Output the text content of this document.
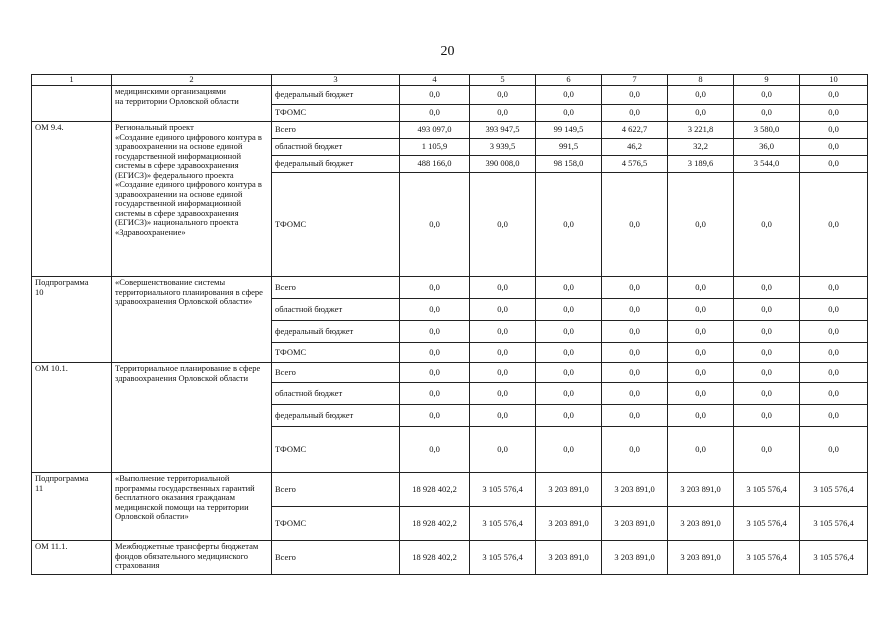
20
1	2	3	4	5	6	7	8	9	10
	медицинскими организациями
на территории Орловской области	федеральный бюджет	0,0	0,0	0,0	0,0	0,0	0,0	0,0
		ТФОМС	0,0	0,0	0,0	0,0	0,0	0,0	0,0
ОМ 9.4.	Региональный проект
«Создание единого цифрового контура в здравоохранении на основе единой государственной информационной системы в сфере здравоохранения (ЕГИСЗ)» федерального проекта
«Создание единого цифрового контура в здравоохранении на основе единой государственной информационной системы в сфере здравоохранения (ЕГИСЗ)» национального проекта
«Здравоохранение»	Всего	493 097,0	393 947,5	99 149,5	4 622,7	3 221,8	3 580,0	0,0
		областной бюджет	1 105,9	3 939,5	991,5	46,2	32,2	36,0	0,0
		федеральный бюджет	488 166,0	390 008,0	98 158,0	4 576,5	3 189,6	3 544,0	0,0
		ТФОМС	0,0	0,0	0,0	0,0	0,0	0,0	0,0
Подпрограмма
10	«Совершенствование системы территориального планирования в сфере здравоохранения Орловской области»	Всего	0,0	0,0	0,0	0,0	0,0	0,0	0,0
		областной бюджет	0,0	0,0	0,0	0,0	0,0	0,0	0,0
		федеральный бюджет	0,0	0,0	0,0	0,0	0,0	0,0	0,0
		ТФОМС	0,0	0,0	0,0	0,0	0,0	0,0	0,0
ОМ 10.1.	Территориальное планирование в сфере здравоохранения Орловской области	Всего	0,0	0,0	0,0	0,0	0,0	0,0	0,0
		областной бюджет	0,0	0,0	0,0	0,0	0,0	0,0	0,0
		федеральный бюджет	0,0	0,0	0,0	0,0	0,0	0,0	0,0
		ТФОМС	0,0	0,0	0,0	0,0	0,0	0,0	0,0
Подпрограмма
11	«Выполнение территориальной программы государственных гарантий бесплатного оказания гражданам медицинской помощи на территории Орловской области»	Всего	18 928 402,2	3 105 576,4	3 203 891,0	3 203 891,0	3 203 891,0	3 105 576,4	3 105 576,4
		ТФОМС	18 928 402,2	3 105 576,4	3 203 891,0	3 203 891,0	3 203 891,0	3 105 576,4	3 105 576,4
ОМ 11.1.	Межбюджетные трансферты бюджетам фондов обязательного медицинского страхования	Всего	18 928 402,2	3 105 576,4	3 203 891,0	3 203 891,0	3 203 891,0	3 105 576,4	3 105 576,4
